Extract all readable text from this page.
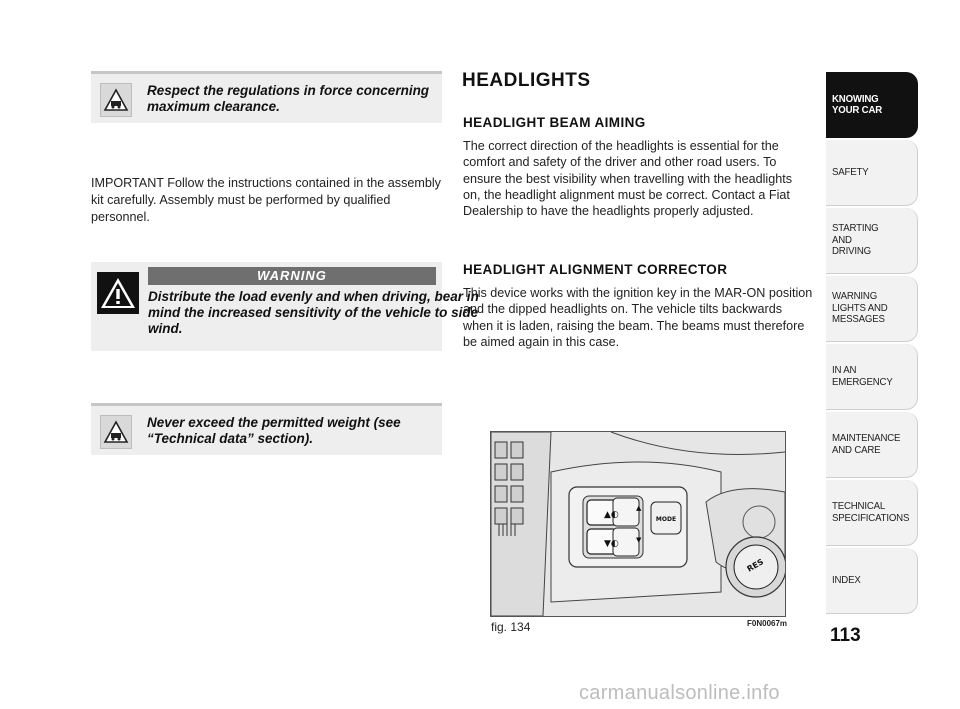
Respect the regulations in force concerning maximum clearance.
IMPORTANT Follow the instructions contained in the assembly kit carefully. Assembly must be performed by qualified personnel.
WARNING
Distribute the load evenly and when driving, bear in mind the increased sensitivity of the vehicle to side wind.
Never exceed the permitted weight (see “Technical data” section).
HEADLIGHTS
HEADLIGHT BEAM AIMING
The correct direction of the headlights is essential for the comfort and safety of the driver and other road users. To ensure the best visibility when travelling with the headlights on, the headlight alignment must be correct. Contact a Fiat Dealership to have the headlights properly adjusted.
HEADLIGHT ALIGNMENT CORRECTOR
This device works with the ignition key in the MAR-ON position and the dipped headlights on. The vehicle tilts backwards when it is laden, raising the beam. The beams must therefore be aimed again in this case.
▲◐
▼◐
▲
▼
MODE
RES
fig. 134	F0N0067m
KNOWING
YOUR CAR
SAFETY
STARTING
AND
DRIVING
WARNING
LIGHTS AND
MESSAGES
IN AN
EMERGENCY
MAINTENANCE
AND CARE
TECHNICAL
SPECIFICATIONS
INDEX
113
carmanualsonline.info
